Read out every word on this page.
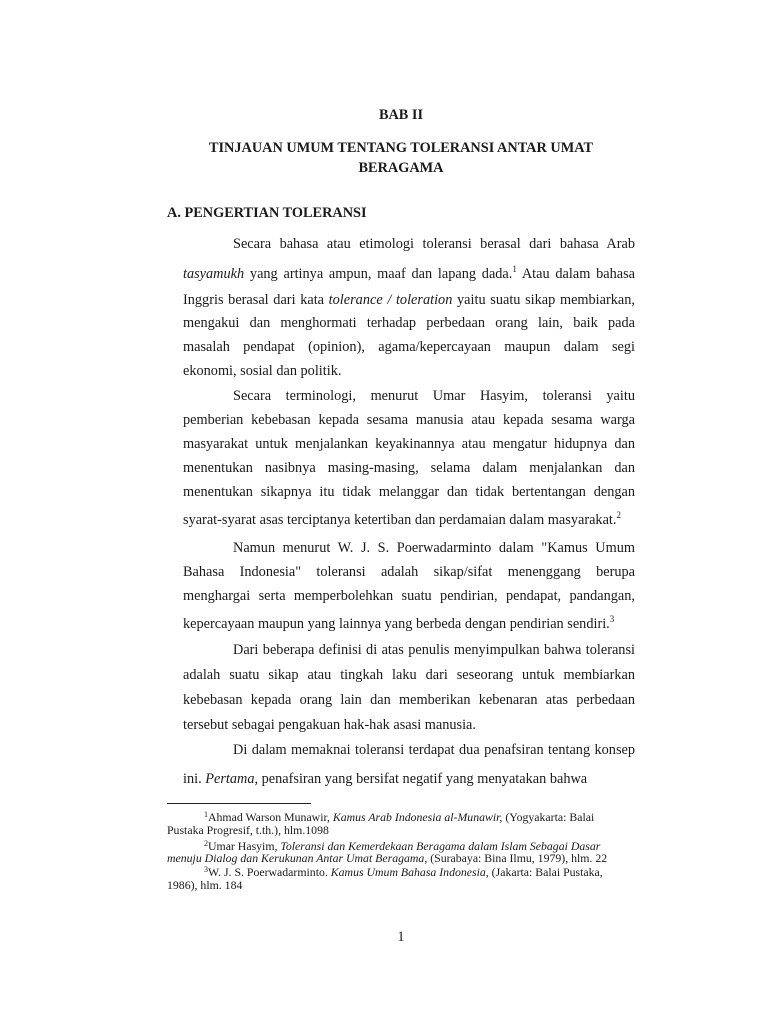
BAB II
TINJAUAN UMUM TENTANG TOLERANSI ANTAR UMAT
BERAGAMA
A. PENGERTIAN TOLERANSI
Secara bahasa atau etimologi toleransi berasal dari bahasa Arab
tasyamukh yang artinya ampun, maaf dan lapang dada.$^1$ Atau dalam bahasa
Inggris berasal dari kata tolerance / toleration yaitu suatu sikap membiarkan,
mengakui dan menghormati terhadap perbedaan orang lain, baik pada
masalah pendapat (opinion), agama/kepercayaan maupun dalam segi
ekonomi, sosial dan politik.
Secara terminologi, menurut Umar Hasyim, toleransi yaitu
pemberian kebebasan kepada sesama manusia atau kepada sesama warga
masyarakat untuk menjalankan keyakinannya atau mengatur hidupnya dan
menentukan nasibnya masing-masing, selama dalam menjalankan dan
menentukan sikapnya itu tidak melanggar dan tidak bertentangan dengan
syarat-syarat asas terciptanya ketertiban dan perdamaian dalam masyarakat.$^2$
Namun menurut W. J. S. Poerwadarminto dalam "Kamus Umum
Bahasa Indonesia" toleransi adalah sikap/sifat menenggang berupa
menghargai serta memperbolehkan suatu pendirian, pendapat, pandangan,
kepercayaan maupun yang lainnya yang berbeda dengan pendirian sendiri.$^3$
Dari beberapa definisi di atas penulis menyimpulkan bahwa toleransi
adalah suatu sikap atau tingkah laku dari seseorang untuk membiarkan
kebebasan kepada orang lain dan memberikan kebenaran atas perbedaan
tersebut sebagai pengakuan hak-hak asasi manusia.
Di dalam memaknai toleransi terdapat dua penafsiran tentang konsep
ini. Pertama, penafsiran yang bersifat negatif yang menyatakan bahwa
$^1$Ahmad Warson Munawir, Kamus Arab Indonesia al-Munawir, (Yogyakarta: Balai
Pustaka Progresif, t.th.), hlm.1098
$^2$Umar Hasyim, Toleransi dan Kemerdekaan Beragama dalam Islam Sebagai Dasar
menuju Dialog dan Kerukunan Antar Umat Beragama, (Surabaya: Bina Ilmu, 1979), hlm. 22
$^3$W. J. S. Poerwadarminto. Kamus Umum Bahasa Indonesia, (Jakarta: Balai Pustaka,
1986), hlm. 184
1
